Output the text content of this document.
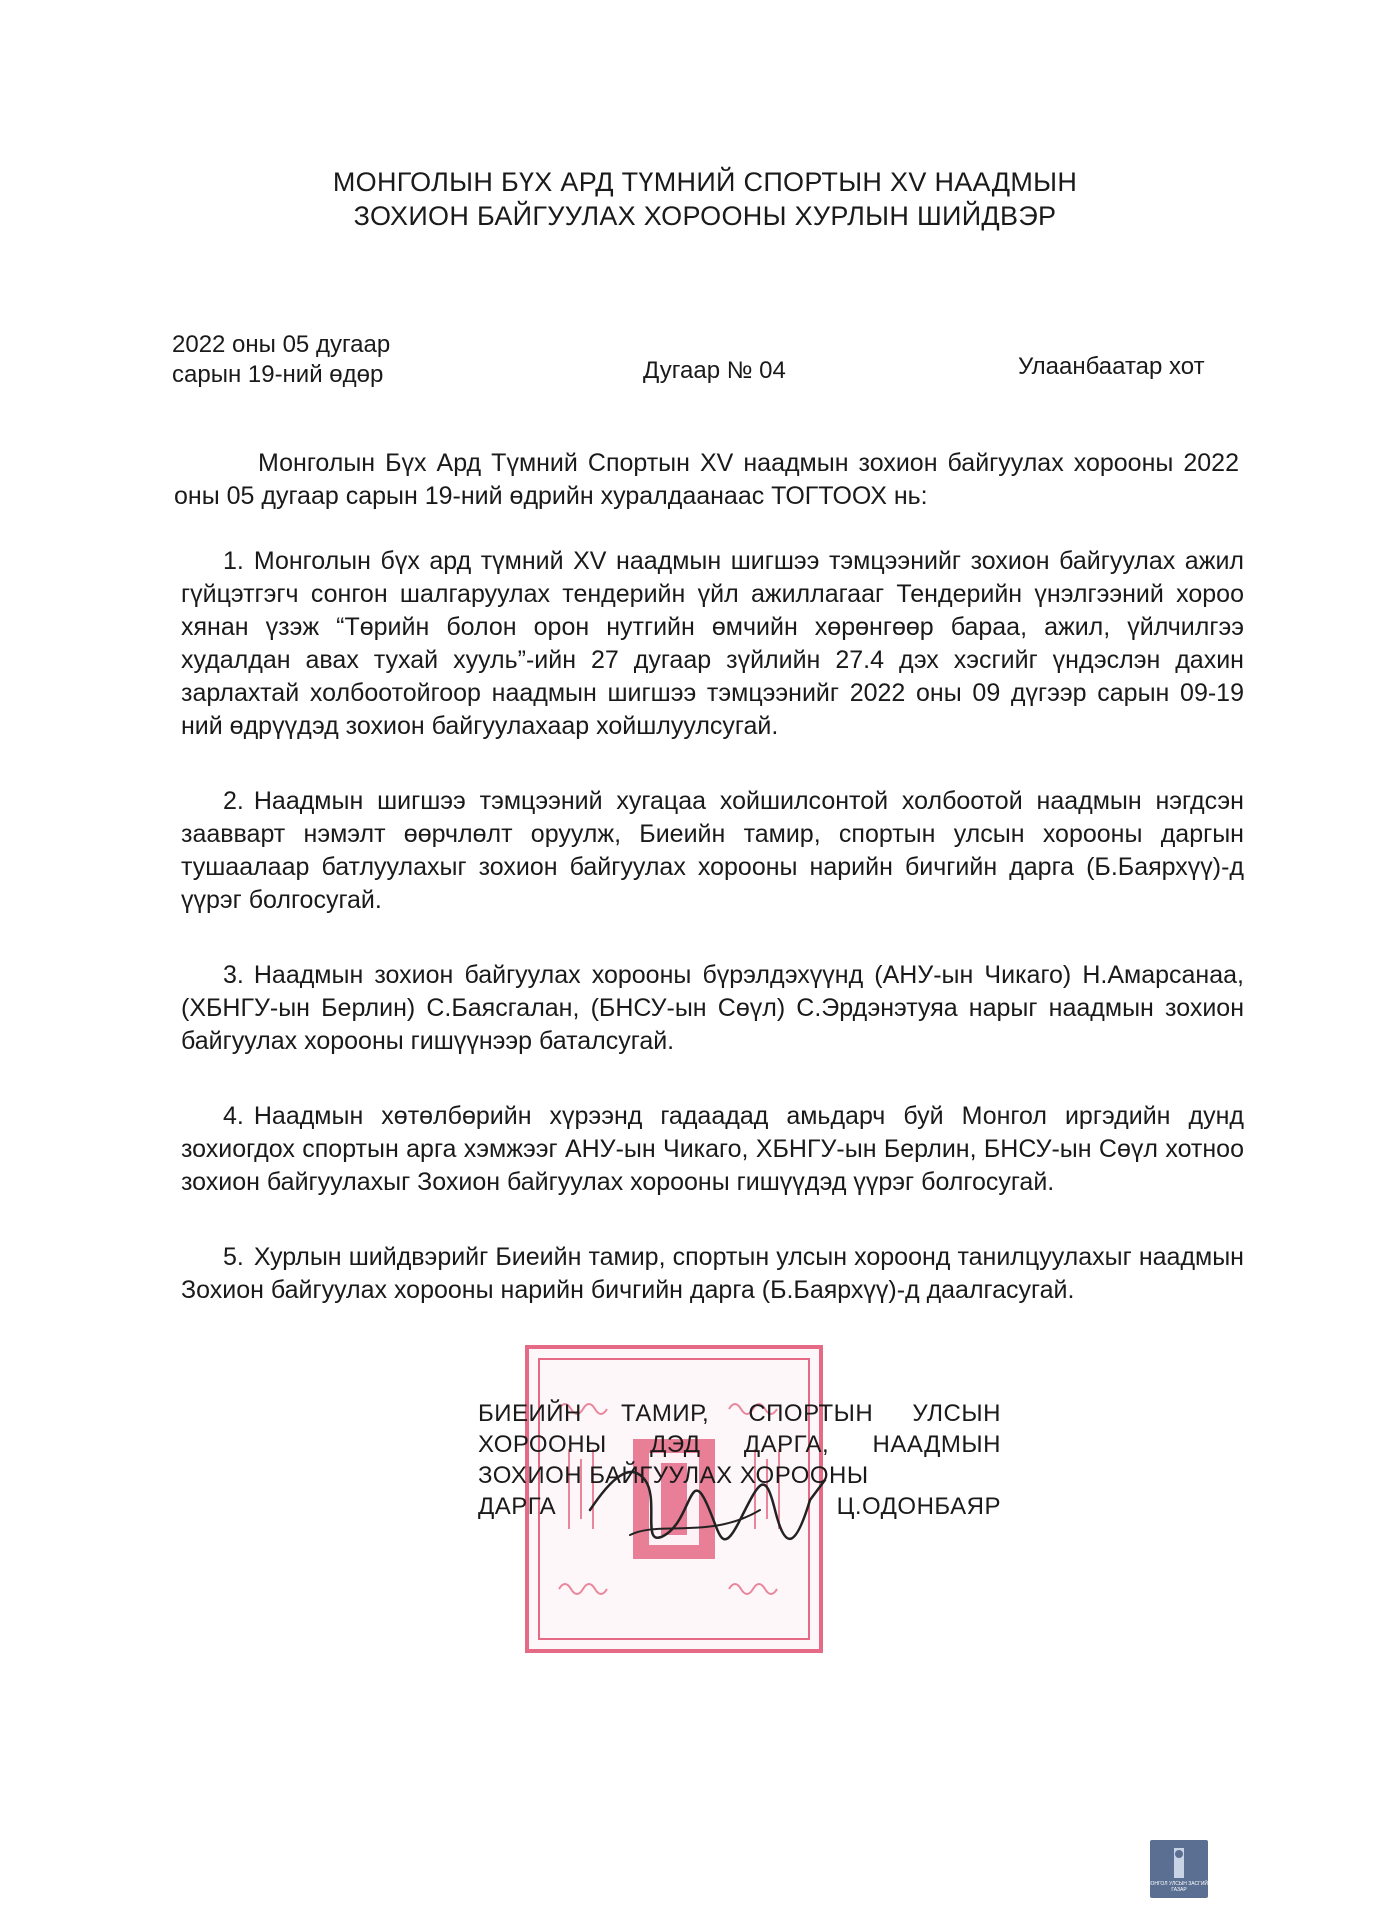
МОНГОЛЫН БҮХ АРД ТҮМНИЙ СПОРТЫН XV НААДМЫН
ЗОХИОН БАЙГУУЛАХ ХОРООНЫ ХУРЛЫН ШИЙДВЭР
2022 оны 05 дугаар
сарын 19-ний өдөр	Дугаар № 04	Улаанбаатар хот
Монголын Бүх Ард Түмний Спортын XV наадмын зохион байгуулах хорооны 2022 оны 05 дугаар сарын 19-ний өдрийн хуралдаанаас ТОГТООХ нь:

1. Монголын бүх ард түмний XV наадмын шигшээ тэмцээнийг зохион байгуулах ажил гүйцэтгэгч сонгон шалгаруулах тендерийн үйл ажиллагааг Тендерийн үнэлгээний хороо хянан үзэж “Төрийн болон орон нутгийн өмчийн хөрөнгөөр бараа, ажил, үйлчилгээ худалдан авах тухай хууль”-ийн 27 дугаар зүйлийн 27.4 дэх хэсгийг үндэслэн дахин зарлахтай холбоотойгоор наадмын шигшээ тэмцээнийг 2022 оны 09 дүгээр сарын 09-19 ний өдрүүдэд зохион байгуулахаар хойшлуулсугай.

2. Наадмын шигшээ тэмцээний хугацаа хойшилсонтой холбоотой наадмын нэгдсэн заавварт нэмэлт өөрчлөлт оруулж, Биеийн тамир, спортын улсын хорооны даргын тушаалаар батлуулахыг зохион байгуулах хорооны нарийн бичгийн дарга (Б.Баярхүү)-д үүрэг болгосугай.

3. Наадмын зохион байгуулах хорооны бүрэлдэхүүнд (АНУ-ын Чикаго) Н.Амарсанаа, (ХБНГУ-ын Берлин) С.Баясгалан, (БНСУ-ын Сөүл) С.Эрдэнэтуяа нарыг наадмын зохион байгуулах хорооны гишүүнээр баталсугай.

4. Наадмын хөтөлбөрийн хүрээнд гадаадад амьдарч буй Монгол иргэдийн дунд зохиогдох спортын арга хэмжээг АНУ-ын Чикаго, ХБНГУ-ын Берлин, БНСУ-ын Сөүл хотноо зохион байгуулахыг Зохион байгуулах хорооны гишүүдэд үүрэг болгосугай.

5. Хурлын шийдвэрийг Биеийн тамир, спортын улсын хороонд танилцуулахыг наадмын Зохион байгуулах хорооны нарийн бичгийн дарга (Б.Баярхүү)-д даалгасугай.

БИЕИЙН ТАМИР, СПОРТЫН УЛСЫН
ХОРООНЫ ДЭД ДАРГА, НААДМЫН
ЗОХИОН БАЙГУУЛАХ ХОРООНЫ
ДАРГА	Ц.ОДОНБАЯР
МОНГОЛ УЛСЫН ЗАСГИЙН ГАЗАР
